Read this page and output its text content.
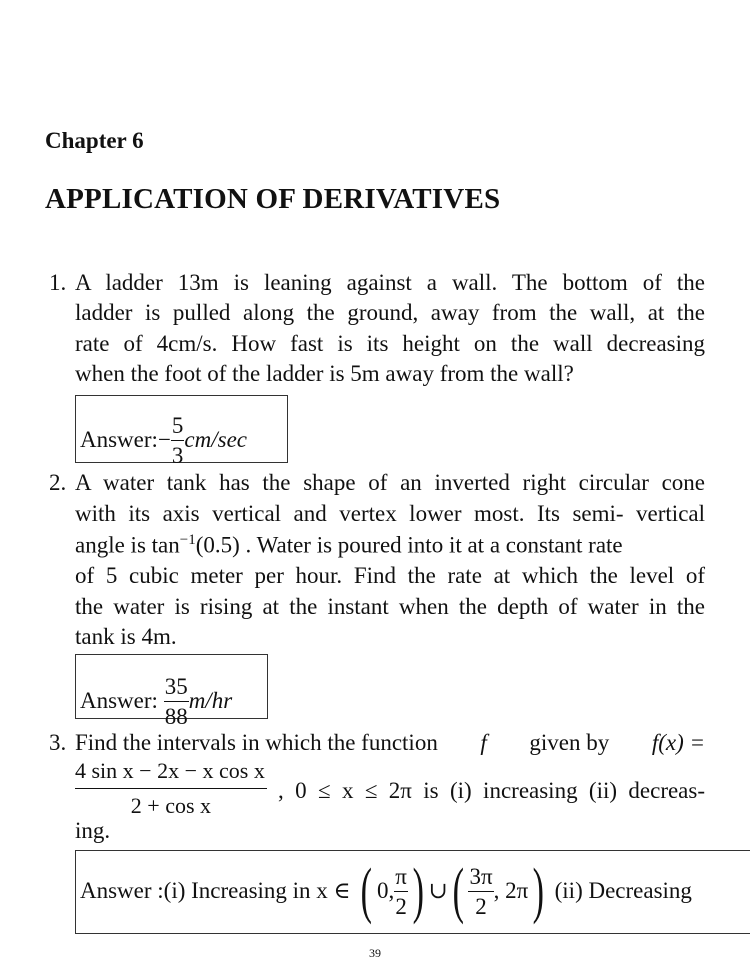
Chapter 6
APPLICATION OF DERIVATIVES
1. A ladder 13m is leaning against a wall. The bottom of the
ladder is pulled along the ground, away from the wall, at the
rate of 4cm/s. How fast is its height on the wall decreasing
when the foot of the ladder is 5m away from the wall?
Answer:− $\frac{5}{3} cm/\sec$
2. A water tank has the shape of an inverted right circular cone
with its axis vertical and vertex lower most. Its semi- vertical
angle is $\tan^{-1}(0.5)$ . Water is poured into it at a constant rate
of 5 cubic meter per hour. Find the rate at which the level of
the water is rising at the instant when the depth of water in the
tank is 4m.
Answer: $\frac{35}{88} m/hr$
3. Find the intervals in which the function f given by f(x) =
$\frac{\text{4 sin x − 2x − x cos x}}{\text{2 + cos x}}$ , 0 ≤ x ≤ 2π is (i) increasing (ii) decreas-
ing.
Answer :(i) Increasing in x ∈
( 0, $\frac{\pi}{2}$ ) ∪ ( $\frac{3\pi}{2}$ , 2π )
(ii) Decreasing
39
